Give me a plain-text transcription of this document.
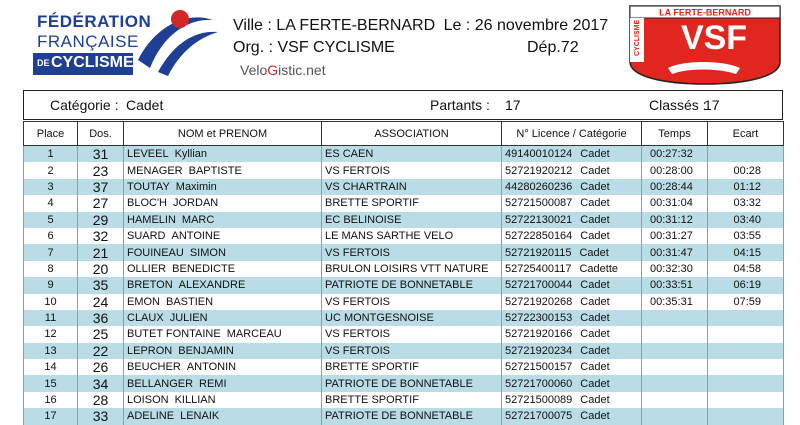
FÉDÉRATION
FRANÇAISE
DE CYCLISME
Ville : LA FERTE-BERNARD Le : 26 novembre 2017
Org. : VSF CYCLISME	Dép.72
VeloGistic.net
LA FERTE-BERNARD
CYCLISME VSF
Catégorie : Cadet	Partants : 17	Classés :
17
Place	Dos.	NOM et PRENOM	ASSOCIATION	N° Licence / Catégorie	Temps	Ecart
1	31	LEVEEL Kyllian	ES CAEN	49140010124 Cadet	00:27:32	
2	23	MENAGER BAPTISTE	VS FERTOIS	52721920212 Cadet	00:28:00	00:28
3	37	TOUTAY Maximin	VS CHARTRAIN	44280260236 Cadet	00:28:44	01:12
4	27	BLOC'H JORDAN	BRETTE SPORTIF	52721500087 Cadet	00:31:04	03:32
5	29	HAMELIN MARC	EC BELINOISE	52722130021 Cadet	00:31:12	03:40
6	32	SUARD ANTOINE	LE MANS SARTHE VELO	52722850164 Cadet	00:31:27	03:55
7	21	FOUINEAU SIMON	VS FERTOIS	52721920115 Cadet	00:31:47	04:15
8	20	OLLIER BENEDICTE	BRULON LOISIRS VTT NATURE	52725400117 Cadette	00:32:30	04:58
9	35	BRETON ALEXANDRE	PATRIOTE DE BONNETABLE	52721700044 Cadet	00:33:51	06:19
10	24	EMON BASTIEN	VS FERTOIS	52721920268 Cadet	00:35:31	07:59
11	36	CLAUX JULIEN	UC MONTGESNOISE	52722300153 Cadet		
12	25	BUTET FONTAINE MARCEAU	VS FERTOIS	52721920166 Cadet		
13	22	LEPRON BENJAMIN	VS FERTOIS	52721920234 Cadet		
14	26	BEUCHER ANTONIN	BRETTE SPORTIF	52721500157 Cadet		
15	34	BELLANGER REMI	PATRIOTE DE BONNETABLE	52721700060 Cadet		
16	28	LOISON KILLIAN	BRETTE SPORTIF	52721500089 Cadet		
17	33	ADELINE LENAIK	PATRIOTE DE BONNETABLE	52721700075 Cadet		
